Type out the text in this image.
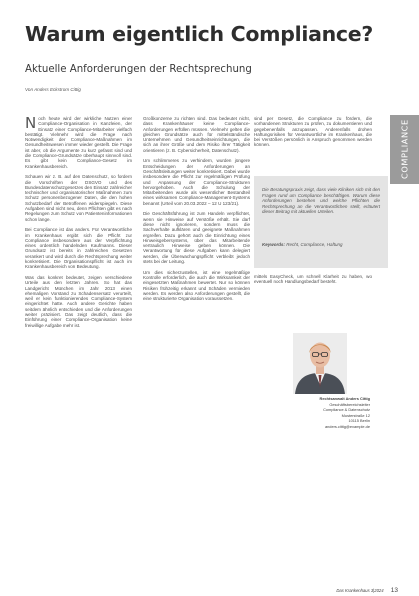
Warum eigentlich Compliance?
Aktuelle Anforderungen der Rechtsprechung
Von Anders Eckstrom Cittig
COMPLIANCE

Noch heute wird der wirkliche Nutzen einer Compliance-Organisation in Kanzleien, der Einsatz einer Compliance-Mitarbeiter vielfach bestätigt. Vielmehr wird die Frage nach Notwendigkeit der Compliance-Maßnahmen im Gesundheitswesen immer wieder gestellt. Die Frage ist aber, ob die Argumente zu kurz gefasst sind und die Compliance-Grundsätze überhaupt sinnvoll sind. Es gibt kein Compliance-Gesetz im Krankenhausbereich.

Schauen wir z. B. auf den Datenschutz, so fordern die Vorschriften der DSGVO und des Bundesdatenschutzgesetzes den Einsatz zahlreicher technischer und organisatorischer Maßnahmen zum Schutz personenbezogener Daten, die den hohen Schutzbedarf der Betroffenen widerspiegeln. Diese Aufgaben sind nicht neu, denn Pflichten gibt es nach Regelungen zum Schutz von Patienteninformationen schon lange.

Bei Compliance ist das anders. Für Verantwortliche im Krankenhaus ergibt sich die Pflicht zur Compliance insbesondere aus der Verpflichtung eines ordentlich handelnden Kaufmanns. Dieser Grundsatz ist bereits in zahlreichen Gesetzen verankert und wird durch die Rechtsprechung weiter konkretisiert. Die Organisationspflicht ist auch im Krankenhausbereich von Bedeutung.

Was das konkret bedeutet, zeigen verschiedene Urteile aus den letzten Jahren. So hat das Landgericht München im Jahr 2013 einen ehemaligen Vorstand zu Schadensersatz verurteilt, weil er kein funktionierendes Compliance-System eingerichtet hatte. Auch andere Gerichte haben seitdem ähnlich entschieden und die Anforderungen weiter präzisiert. Das zeigt deutlich, dass die Einführung einer Compliance-Organisation keine freiwillige Aufgabe mehr ist.

Großkonzerne zu richten sind. Das bedeutet nicht, dass Krankenhäuser keine Compliance-Anforderungen erfüllen müssen. Vielmehr gelten die gleichen Grundsätze auch für mittelständische Unternehmen und Gesundheitseinrichtungen, die sich an ihrer Größe und dem Risiko ihrer Tätigkeit orientieren (z. B. Cybersicherheit, Datenschutz).

Um schlimmeres zu verhindern, wurden jüngere Entscheidungen der Anforderungen an Geschäftsleitungen weiter konkretisiert. Dabei wurde insbesondere die Pflicht zur regelmäßigen Prüfung und Anpassung der Compliance-Strukturen hervorgehoben. Auch die Schulung der Mitarbeitenden wurde als wesentlicher Bestandteil eines wirksamen Compliance-Management-Systems benannt (Urteil vom 20.03.2022 – 12 U 123/21).

Die Geschäftsführung ist zum Handeln verpflichtet, wenn sie Hinweise auf Verstöße erhält. Sie darf diese nicht ignorieren, sondern muss die Sachverhalte aufklären und geeignete Maßnahmen ergreifen. Dazu gehört auch die Einrichtung eines Hinweisgebersystems, über das Mitarbeitende vertraulich Hinweise geben können. Die Verantwortung für diese Aufgaben kann delegiert werden, die Überwachungspflicht verbleibt jedoch stets bei der Leitung.

Um dies sicherzustellen, ist eine regelmäßige Kontrolle erforderlich, die auch die Wirksamkeit der eingesetzten Maßnahmen bewertet. Nur so können Risiken frühzeitig erkannt und Schäden vermieden werden. Es werden also Anforderungen gestellt, die eine strukturierte Organisation voraussetzen.

sind per Gesetz, die Compliance zu fördern, die vorhandenen Strukturen zu prüfen, zu dokumentieren und gegebenenfalls anzupassen. Anderenfalls drohen Haftungsrisiken für Verantwortliche im Krankenhaus, die bei Verstößen persönlich in Anspruch genommen werden können.

Die Beratungspraxis zeigt, dass viele Kliniken sich mit den Fragen rund um Compliance beschäftigen. Warum diese Anforderungen bestehen und welche Pflichten die Rechtsprechung an die Verantwortlichen stellt, erläutert dieser Beitrag mit aktuellen Urteilen.
Keywords: Recht, Compliance, Haftung

mittels EasyCheck, um schnell Klarheit zu haben, wo eventuell noch Handlungsbedarf besteht.

Rechtsanwalt Anders Cittig
Geschäftsbereichsleiter
Compliance & Datenschutz
Musterstraße 12
10115 Berlin
anders.cittig@example.de
Das Krankenhaus 3|2024 13
